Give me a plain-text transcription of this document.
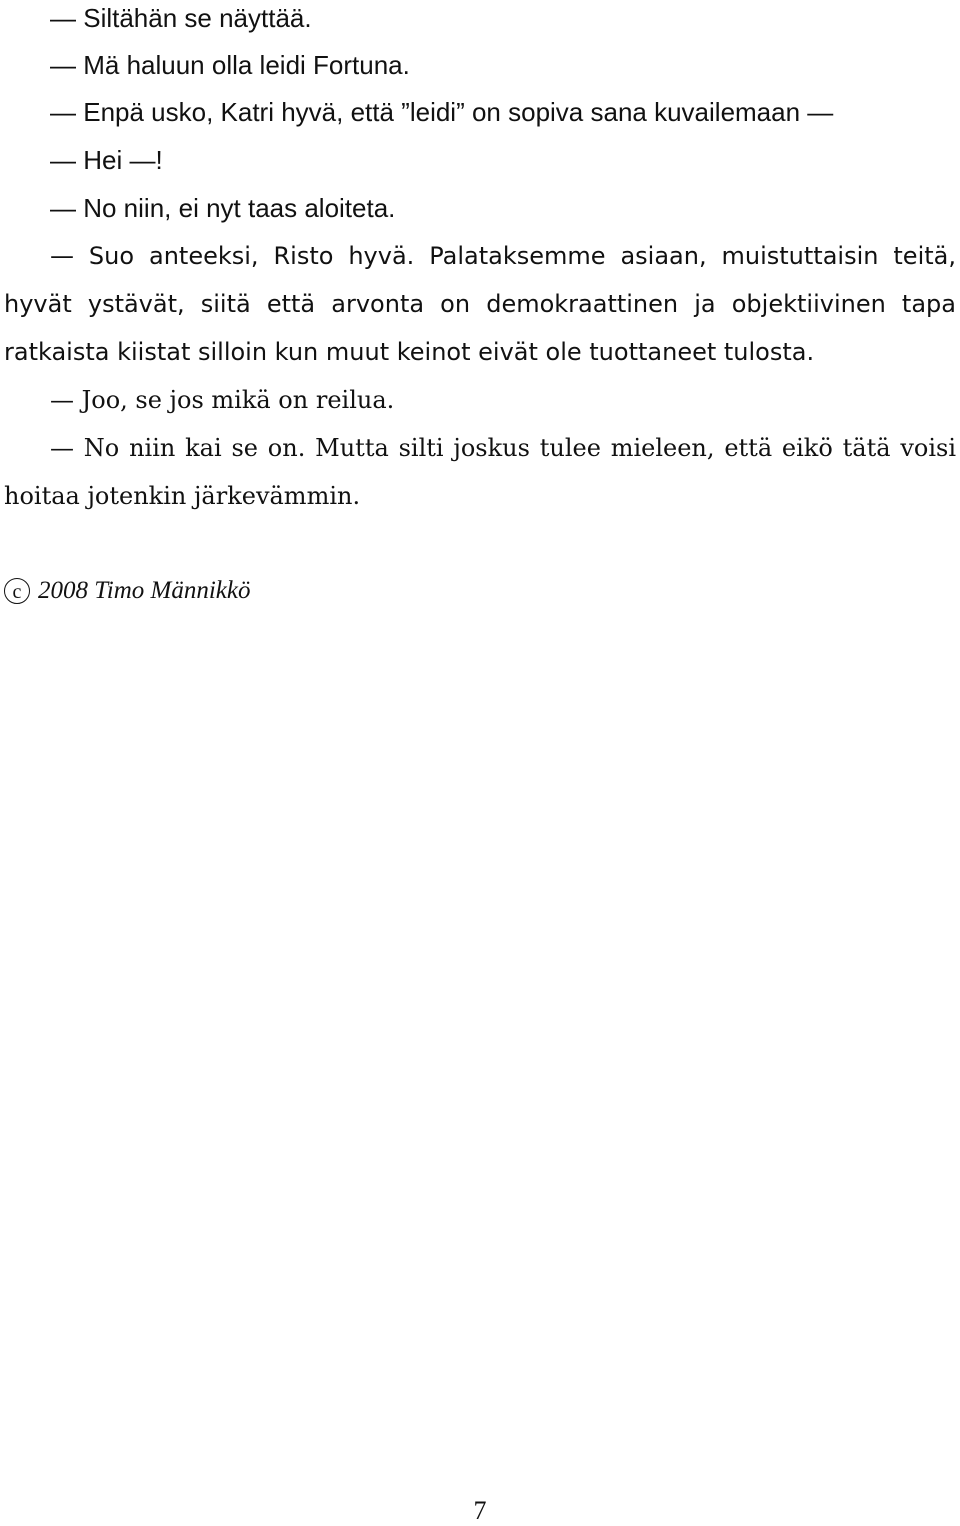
— Siltähän se näyttää.
— Mä haluun olla leidi Fortuna.
— Enpä usko, Katri hyvä, että ”leidi” on sopiva sana kuvailemaan —
— Hei —!
— No niin, ei nyt taas aloiteta.
— Suo anteeksi, Risto hyvä. Palataksemme asiaan, muistuttaisin teitä,
hyvät ystävät, siitä että arvonta on demokraattinen ja objektiivinen tapa
ratkaista kiistat silloin kun muut keinot eivät ole tuottaneet tulosta.
— Joo, se jos mikä on reilua.
— No niin kai se on. Mutta silti joskus tulee mieleen, että eikö tätä voisi
hoitaa jotenkin järkevämmin.
c 2008 Timo Männikkö
7
